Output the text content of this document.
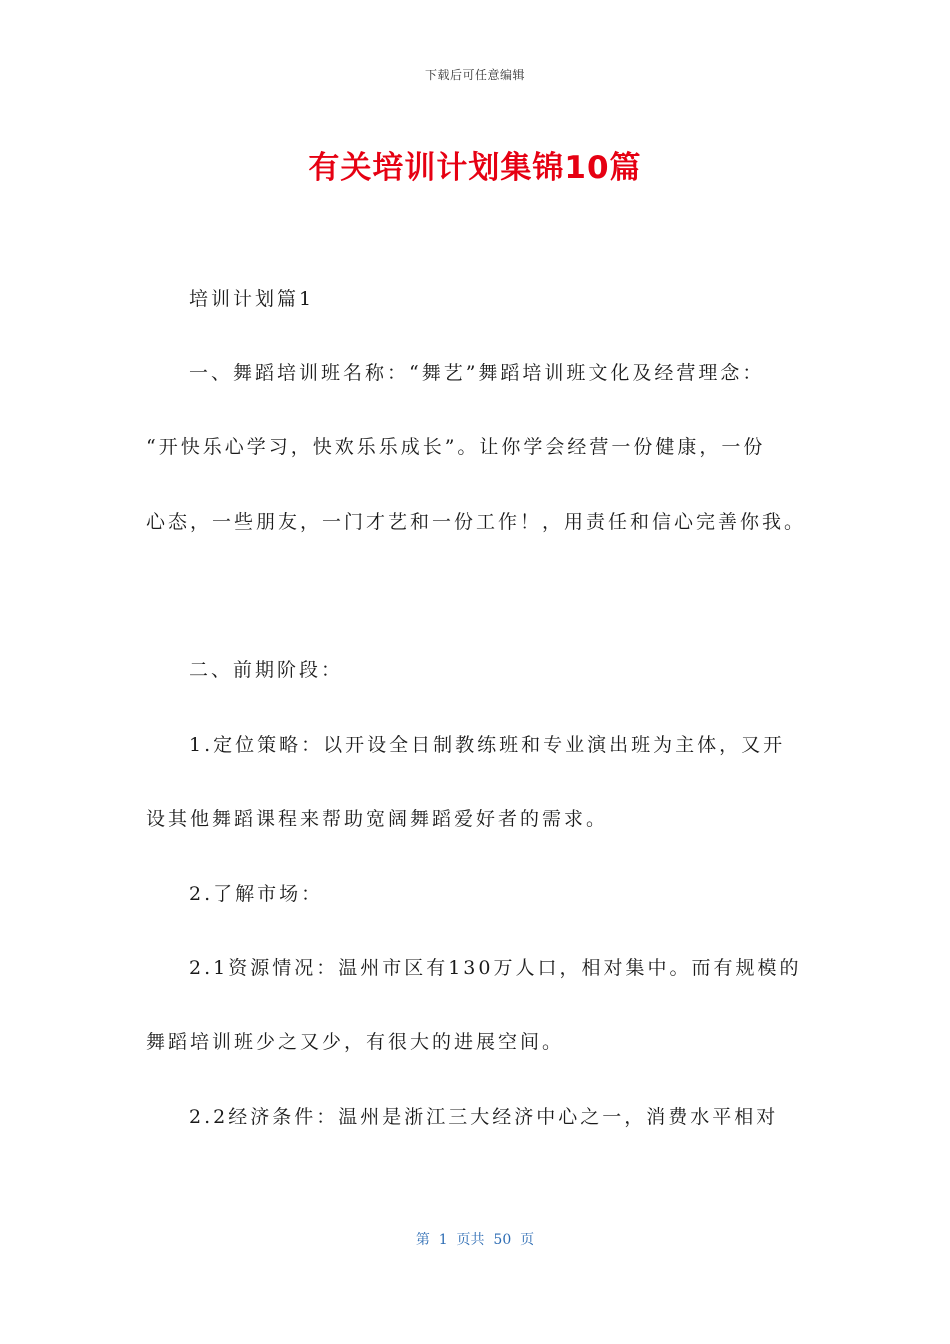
下载后可任意编辑
有关培训计划集锦10篇

培训计划篇1

一、舞蹈培训班名称：“舞艺”舞蹈培训班文化及经营理念：

“开快乐心学习，快欢乐乐成长”。让你学会经营一份健康，一份

心态，一些朋友，一门才艺和一份工作！，用责任和信心完善你我。

二、前期阶段：

1.定位策略：以开设全日制教练班和专业演出班为主体，又开

设其他舞蹈课程来帮助宽阔舞蹈爱好者的需求。

2.了解市场：

2.1资源情况：温州市区有130万人口，相对集中。而有规模的

舞蹈培训班少之又少，有很大的进展空间。

2.2经济条件：温州是浙江三大经济中心之一，消费水平相对

第  1  页共  50  页
